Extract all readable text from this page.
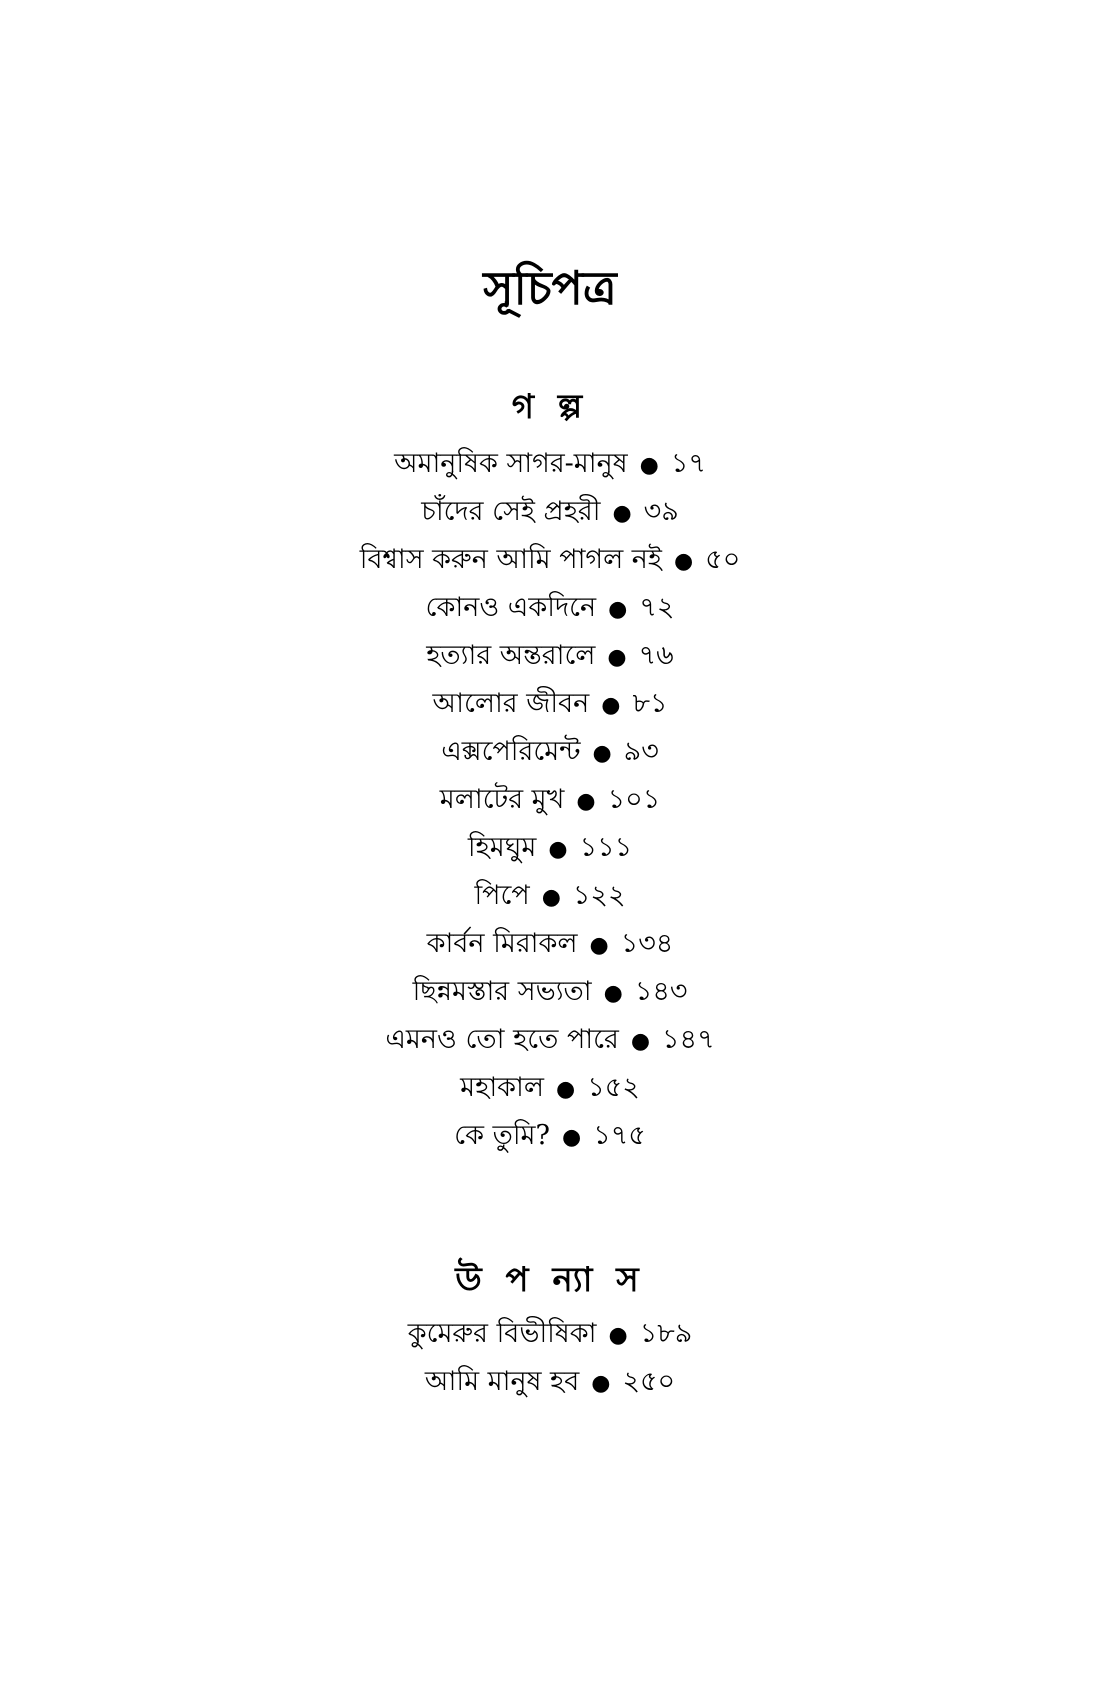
সূচিপত্র
গ ল্প
অমানুষিক সাগর-মানুষ ● ১৭
চাঁদের সেই প্রহরী ● ৩৯
বিশ্বাস করুন আমি পাগল নই ● ৫০
কোনও একদিনে ● ৭২
হত্যার অন্তরালে ● ৭৬
আলোর জীবন ● ৮১
এক্সপেরিমেন্ট ● ৯৩
মলাটের মুখ ● ১০১
হিমঘুম ● ১১১
পিপে ● ১২২
কার্বন মিরাকল ● ১৩৪
ছিন্নমস্তার সভ্যতা ● ১৪৩
এমনও তো হতে পারে ● ১৪৭
মহাকাল ● ১৫২
কে তুমি? ● ১৭৫
উ প ন্যা স
কুমেরুর বিভীষিকা ● ১৮৯
আমি মানুষ হব ● ২৫০
